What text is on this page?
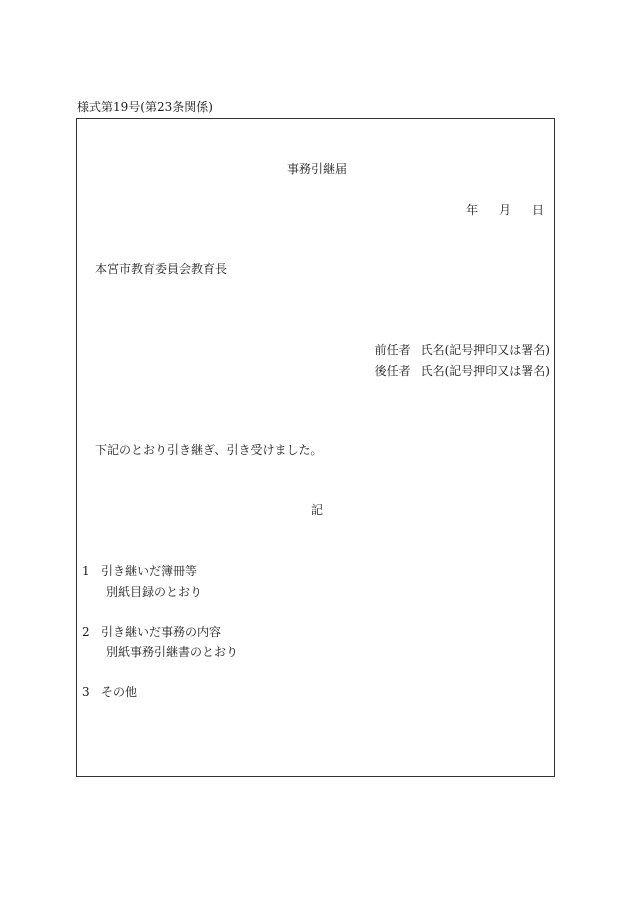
様式第19号(第23条関係)
事務引継届
年 月 日
本宮市教育委員会教育長
前任者 氏名(記号押印又は署名)
後任者 氏名(記号押印又は署名)
下記のとおり引き継ぎ、引き受けました。
記
1 引き継いだ簿冊等
別紙目録のとおり
2 引き継いだ事務の内容
別紙事務引継書のとおり
3 その他
